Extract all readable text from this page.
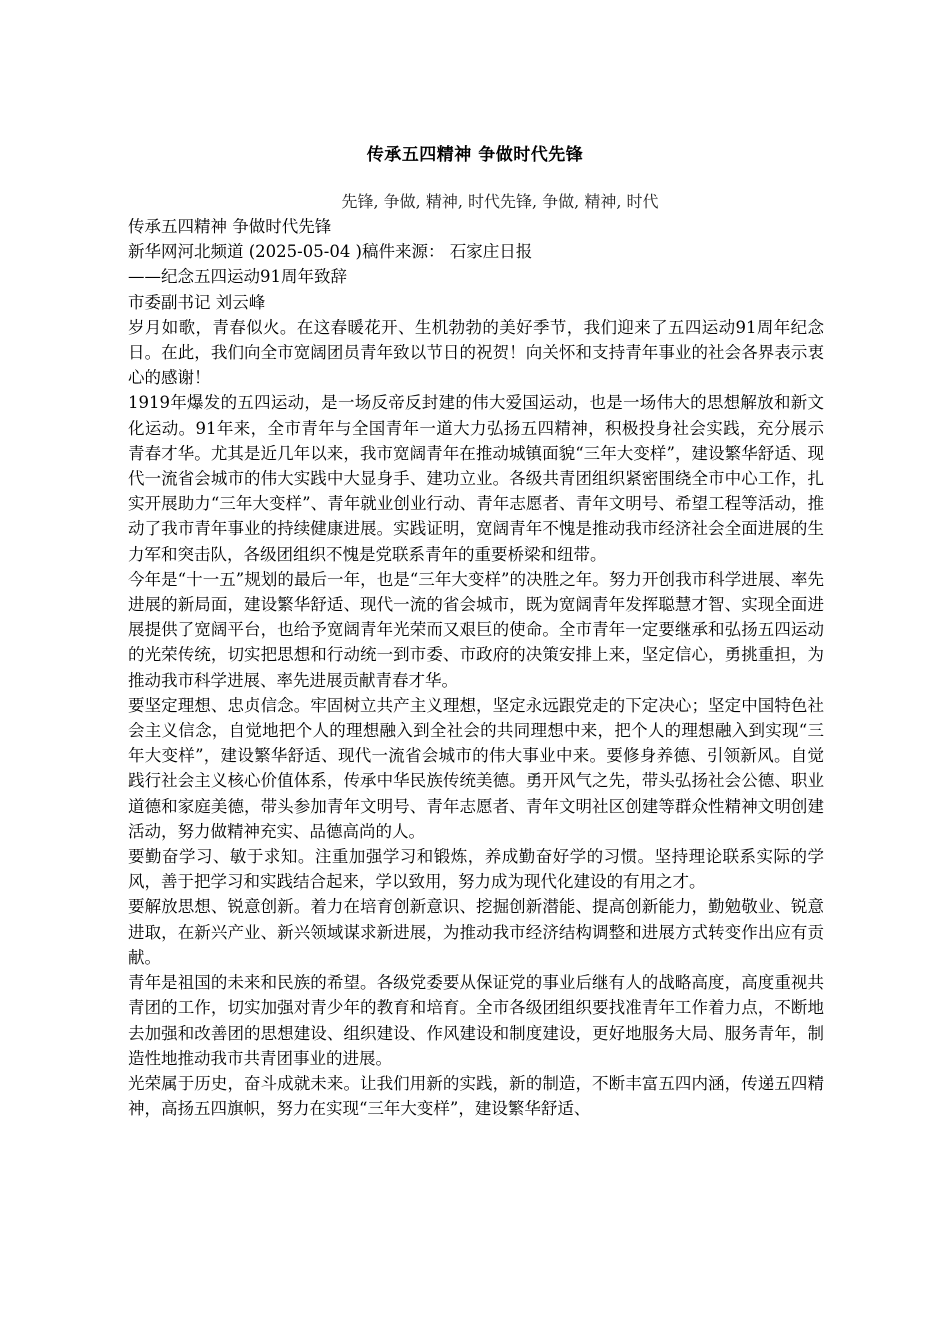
传承五四精神 争做时代先锋
先锋, 争做, 精神, 时代先锋, 争做, 精神, 时代

传承五四精神 争做时代先锋

新华网河北频道 (2025-05-04 )稿件来源： 石家庄日报

——纪念五四运动91周年致辞

市委副书记 刘云峰

岁月如歌，青春似火。在这春暖花开、生机勃勃的美好季节，我们迎来了五四运动91周年纪念日。在此，我们向全市宽阔团员青年致以节日的祝贺！向关怀和支持青年事业的社会各界表示衷心的感谢！

1919年爆发的五四运动，是一场反帝反封建的伟大爱国运动，也是一场伟大的思想解放和新文化运动。91年来，全市青年与全国青年一道大力弘扬五四精神，积极投身社会实践，充分展示青春才华。尤其是近几年以来，我市宽阔青年在推动城镇面貌“三年大变样”，建设繁华舒适、现代一流省会城市的伟大实践中大显身手、建功立业。各级共青团组织紧密围绕全市中心工作，扎实开展助力“三年大变样”、青年就业创业行动、青年志愿者、青年文明号、希望工程等活动，推动了我市青年事业的持续健康进展。实践证明，宽阔青年不愧是推动我市经济社会全面进展的生力军和突击队，各级团组织不愧是党联系青年的重要桥梁和纽带。

今年是“十一五”规划的最后一年，也是“三年大变样”的决胜之年。努力开创我市科学进展、率先进展的新局面，建设繁华舒适、现代一流的省会城市，既为宽阔青年发挥聪慧才智、实现全面进展提供了宽阔平台，也给予宽阔青年光荣而又艰巨的使命。全市青年一定要继承和弘扬五四运动的光荣传统，切实把思想和行动统一到市委、市政府的决策安排上来，坚定信心，勇挑重担，为推动我市科学进展、率先进展贡献青春才华。

要坚定理想、忠贞信念。牢固树立共产主义理想，坚定永远跟党走的下定决心；坚定中国特色社会主义信念，自觉地把个人的理想融入到全社会的共同理想中来，把个人的理想融入到实现“三年大变样”，建设繁华舒适、现代一流省会城市的伟大事业中来。要修身养德、引领新风。自觉践行社会主义核心价值体系，传承中华民族传统美德。勇开风气之先，带头弘扬社会公德、职业道德和家庭美德，带头参加青年文明号、青年志愿者、青年文明社区创建等群众性精神文明创建活动，努力做精神充实、品德高尚的人。

要勤奋学习、敏于求知。注重加强学习和锻炼，养成勤奋好学的习惯。坚持理论联系实际的学风，善于把学习和实践结合起来，学以致用，努力成为现代化建设的有用之才。

要解放思想、锐意创新。着力在培育创新意识、挖掘创新潜能、提高创新能力，勤勉敬业、锐意进取，在新兴产业、新兴领域谋求新进展，为推动我市经济结构调整和进展方式转变作出应有贡献。

青年是祖国的未来和民族的希望。各级党委要从保证党的事业后继有人的战略高度，高度重视共青团的工作，切实加强对青少年的教育和培育。全市各级团组织要找准青年工作着力点，不断地去加强和改善团的思想建设、组织建设、作风建设和制度建设，更好地服务大局、服务青年，制造性地推动我市共青团事业的进展。

光荣属于历史，奋斗成就未来。让我们用新的实践，新的制造，不断丰富五四内涵，传递五四精神，高扬五四旗帜，努力在实现“三年大变样”，建设繁华舒适、
